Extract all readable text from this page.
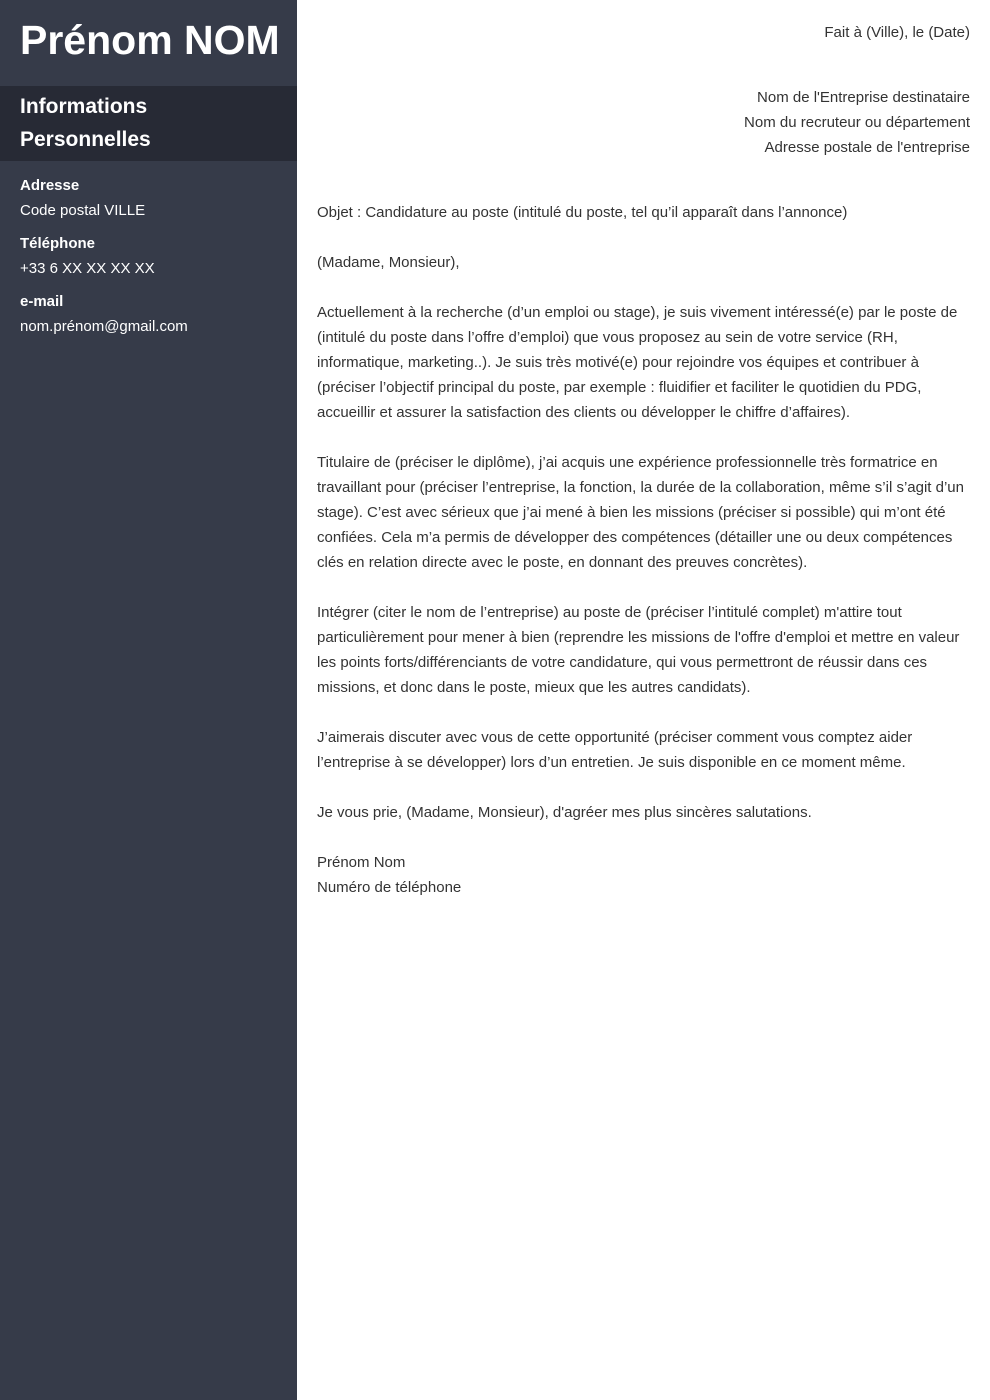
Prénom NOM
Informations Personnelles
Adresse
Code postal VILLE
Téléphone
+33 6 XX XX XX XX
e-mail
nom.prénom@gmail.com
Fait à (Ville), le (Date)
Nom de l'Entreprise destinataire
Nom du recruteur ou département
Adresse postale de l'entreprise

Objet : Candidature au poste (intitulé du poste, tel qu’il apparaît dans l’annonce)

(Madame, Monsieur),

Actuellement à la recherche (d’un emploi ou stage), je suis vivement intéressé(e) par le poste de (intitulé du poste dans l’offre d’emploi) que vous proposez au sein de votre service (RH, informatique, marketing..). Je suis très motivé(e) pour rejoindre vos équipes et contribuer à (préciser l’objectif principal du poste, par exemple : fluidifier et faciliter le quotidien du PDG, accueillir et assurer la satisfaction des clients ou développer le chiffre d’affaires).

Titulaire de (préciser le diplôme), j’ai acquis une expérience professionnelle très formatrice en travaillant pour (préciser l’entreprise, la fonction, la durée de la collaboration, même s’il s’agit d’un stage). C’est avec sérieux que j’ai mené à bien les missions (préciser si possible) qui m’ont été confiées. Cela m’a permis de développer des compétences (détailler une ou deux compétences clés en relation directe avec le poste, en donnant des preuves concrètes).

Intégrer (citer le nom de l’entreprise) au poste de (préciser l’intitulé complet) m'attire tout particulièrement pour mener à bien (reprendre les missions de l'offre d'emploi et mettre en valeur les points forts/différenciants de votre candidature, qui vous permettront de réussir dans ces missions, et donc dans le poste, mieux que les autres candidats).

J’aimerais discuter avec vous de cette opportunité (préciser comment vous comptez aider l’entreprise à se développer) lors d’un entretien. Je suis disponible en ce moment même.

Je vous prie, (Madame, Monsieur), d'agréer mes plus sincères salutations.

Prénom Nom
Numéro de téléphone
